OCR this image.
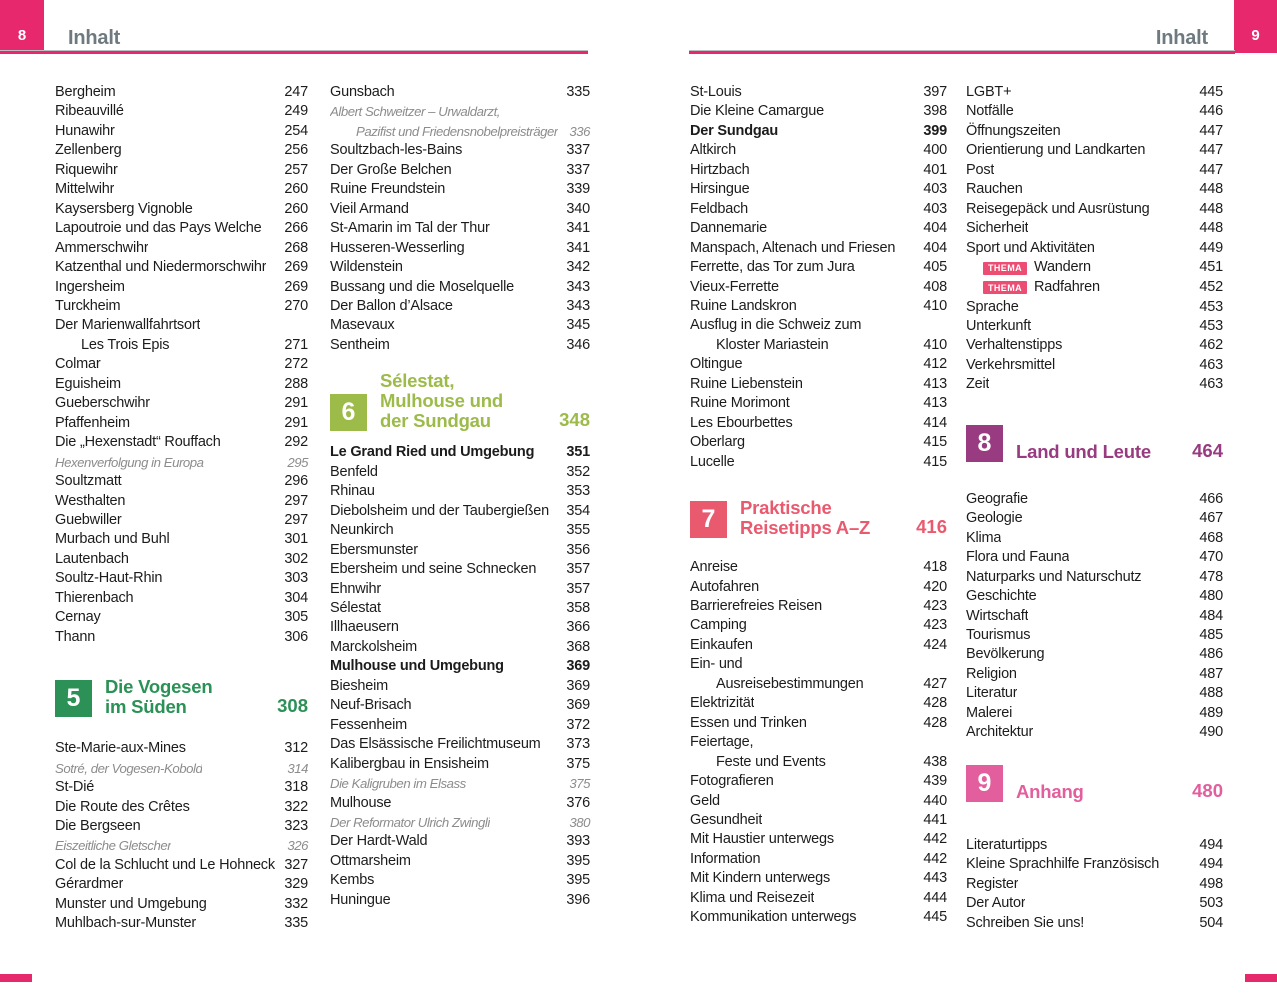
8 Inhalt	Inhalt	9
Bergheim	247
Ribeauvillé	249
Hunawihr	254
Zellenberg	256
Riquewihr	257
Mittelwihr	260
Kaysersberg Vignoble	260
Lapoutroie und das Pays Welche 266
Ammerschwihr	268
Katzenthal und Niedermorschwihr 269
Ingersheim	269
Turckheim	270
Der Marienwallfahrtsort
Les Trois Epis	271
Colmar	272
Eguisheim	288
Gueberschwihr	291
Pfaffenheim	291
Die „Hexenstadt“ Rouffach	292
Hexenverfolgung in Europa	295
Soultzmatt	296
Westhalten	297
Guebwiller	297
Murbach und Buhl	301
Lautenbach	302
Soultz-Haut-Rhin	303
Thierenbach	304
Cernay	305
Thann	306
5	Die Vogesen
im Süden	308
Ste-Marie-aux-Mines	312
Sotré, der Vogesen-Kobold	314
St-Dié	318
Die Route des Crêtes	322
Die Bergseen	323
Eiszeitliche Gletscher	326
Col de la Schlucht und Le Hohneck 327
Gérardmer	329
Munster und Umgebung	332
Muhlbach-sur-Munster	335
Gunsbach	335
Albert Schweitzer – Urwaldarzt,
Pazifist und Friedensnobelpreisträger 336
Soultzbach-les-Bains	337
Der Große Belchen	337
Ruine Freundstein	339
Vieil Armand	340
St-Amarin im Tal der Thur	341
Husseren-Wesserling	341
Wildenstein	342
Bussang und die Moselquelle	343
Der Ballon d’Alsace	343
Masevaux	345
Sentheim	346
6
Sélestat,
Mulhouse und
der Sundgau	348
Le Grand Ried und Umgebung 351
Benfeld	352
Rhinau	353
Diebolsheim und der Taubergießen 354
Neunkirch	355
Ebersmunster	356
Ebersheim und seine Schnecken 357
Ehnwihr	357
Sélestat	358
Illhaeusern	366
Marckolsheim	368
Mulhouse und Umgebung	369
Biesheim	369
Neuf-Brisach	369
Fessenheim	372
Das Elsässische Freilichtmuseum 373
Kalibergbau in Ensisheim	375
Die Kaligruben im Elsass	375
Mulhouse	376
Der Reformator Ulrich Zwingli	380
Der Hardt-Wald	393
Ottmarsheim	395
Kembs	395
Huningue	396
St-Louis	397
Die Kleine Camargue	398
Der Sundgau	399
Altkirch	400
Hirtzbach	401
Hirsingue	403
Feldbach	403
Dannemarie	404
Manspach, Altenach und Friesen 404
Ferrette, das Tor zum Jura	405
Vieux-Ferrette	408
Ruine Landskron	410
Ausflug in die Schweiz zum
Kloster Mariastein	410
Oltingue	412
Ruine Liebenstein	413
Ruine Morimont	413
Les Ebourbettes	414
Oberlarg	415
Lucelle	415
7	Praktische
Reisetipps A–Z	416
Anreise	418
Autofahren	420
Barrierefreies Reisen	423
Camping	423
Einkaufen	424
Ein- und
Ausreisebestimmungen	427
Elektrizität	428
Essen und Trinken	428
Feiertage,
Feste und Events	438
Fotografieren	439
Geld	440
Gesundheit	441
Mit Haustier unterwegs	442
Information	442
Mit Kindern unterwegs	443
Klima und Reisezeit	444
Kommunikation unterwegs	445
LGBT+	445
Notfälle	446
Öffnungszeiten	447
Orientierung und Landkarten	447
Post	447
Rauchen	448
Reisegepäck und Ausrüstung	448
Sicherheit	448
Sport und Aktivitäten	449
THEMA Wandern	451
THEMA Radfahren	452
Sprache	453
Unterkunft	453
Verhaltenstipps	462
Verkehrsmittel	463
Zeit	463
8	Land und Leute	464
Geografie	466
Geologie	467
Klima	468
Flora und Fauna	470
Naturparks und Naturschutz	478
Geschichte	480
Wirtschaft	484
Tourismus	485
Bevölkerung	486
Religion	487
Literatur	488
Malerei	489
Architektur	490
9	Anhang	480
Literaturtipps	494
Kleine Sprachhilfe Französisch	494
Register	498
Der Autor	503
Schreiben Sie uns!	504
